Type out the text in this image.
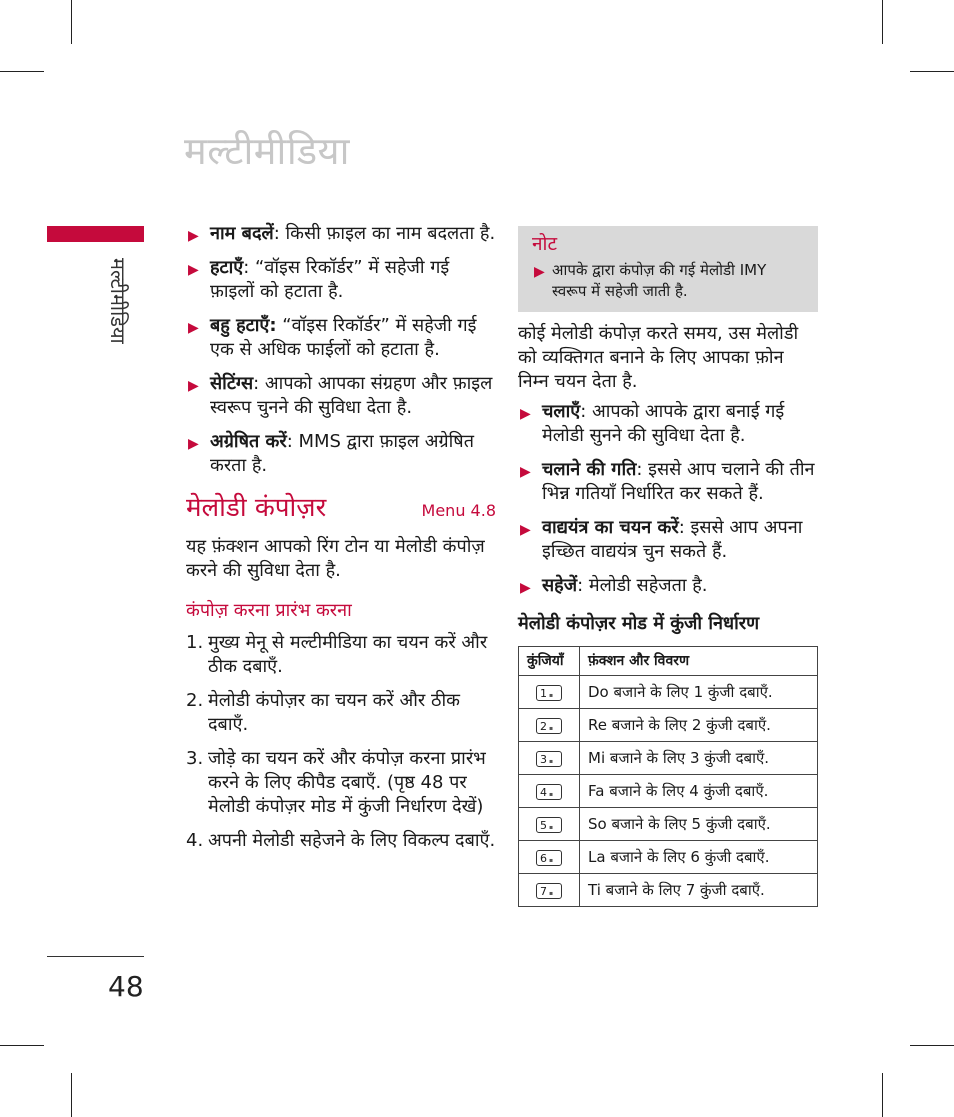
मल्टीमीडिया
मल्टीमीडिया
48
▶ नाम बदलें: किसी फ़ाइल का नाम बदलता है.
▶ हटाएँ: “वॉइस रिकॉर्डर” में सहेजी गई फ़ाइलों को हटाता है.
▶ बहु हटाएँ: “वॉइस रिकॉर्डर” में सहेजी गई एक से अधिक फाईलों को हटाता है.
▶ सेटिंग्स: आपको आपका संग्रहण और फ़ाइल स्वरूप चुनने की सुविधा देता है.
▶ अग्रेषित करें: MMS द्वारा फ़ाइल अग्रेषित करता है.
मेलोडी कंपोज़र	Menu 4.8

यह फ़ंक्शन आपको रिंग टोन या मेलोडी कंपोज़ करने की सुविधा देता है.

कंपोज़ करना प्रारंभ करना
1. मुख्य मेनू से मल्टीमीडिया का चयन करें और ठीक दबाएँ.
2. मेलोडी कंपोज़र का चयन करें और ठीक दबाएँ.
3. जोड़े का चयन करें और कंपोज़ करना प्रारंभ करने के लिए कीपैड दबाएँ. (पृष्ठ 48 पर मेलोडी कंपोज़र मोड में कुंजी निर्धारण देखें)
4. अपनी मेलोडी सहेजने के लिए विकल्प दबाएँ.
नोट
▶ आपके द्वारा कंपोज़ की गई मेलोडी IMY स्वरूप में सहेजी जाती है.

कोई मेलोडी कंपोज़ करते समय, उस मेलोडी को व्यक्तिगत बनाने के लिए आपका फ़ोन निम्न चयन देता है.

▶ चलाएँ: आपको आपके द्वारा बनाई गई मेलोडी सुनने की सुविधा देता है.
▶ चलाने की गति: इससे आप चलाने की तीन भिन्न गतियाँ निर्धारित कर सकते हैं.
▶ वाद्ययंत्र का चयन करें: इससे आप अपना इच्छित वाद्ययंत्र चुन सकते हैं.
▶ सहेजें: मेलोडी सहेजता है.
मेलोडी कंपोज़र मोड में कुंजी निर्धारण
कुंजियाँ	फ़ंक्शन और विवरण
1 ▪	Do बजाने के लिए 1 कुंजी दबाएँ.
2 ▪	Re बजाने के लिए 2 कुंजी दबाएँ.
3 ▪	Mi बजाने के लिए 3 कुंजी दबाएँ.
4 ▪	Fa बजाने के लिए 4 कुंजी दबाएँ.
5 ▪	So बजाने के लिए 5 कुंजी दबाएँ.
6 ▪	La बजाने के लिए 6 कुंजी दबाएँ.
7 ▪	Ti बजाने के लिए 7 कुंजी दबाएँ.
